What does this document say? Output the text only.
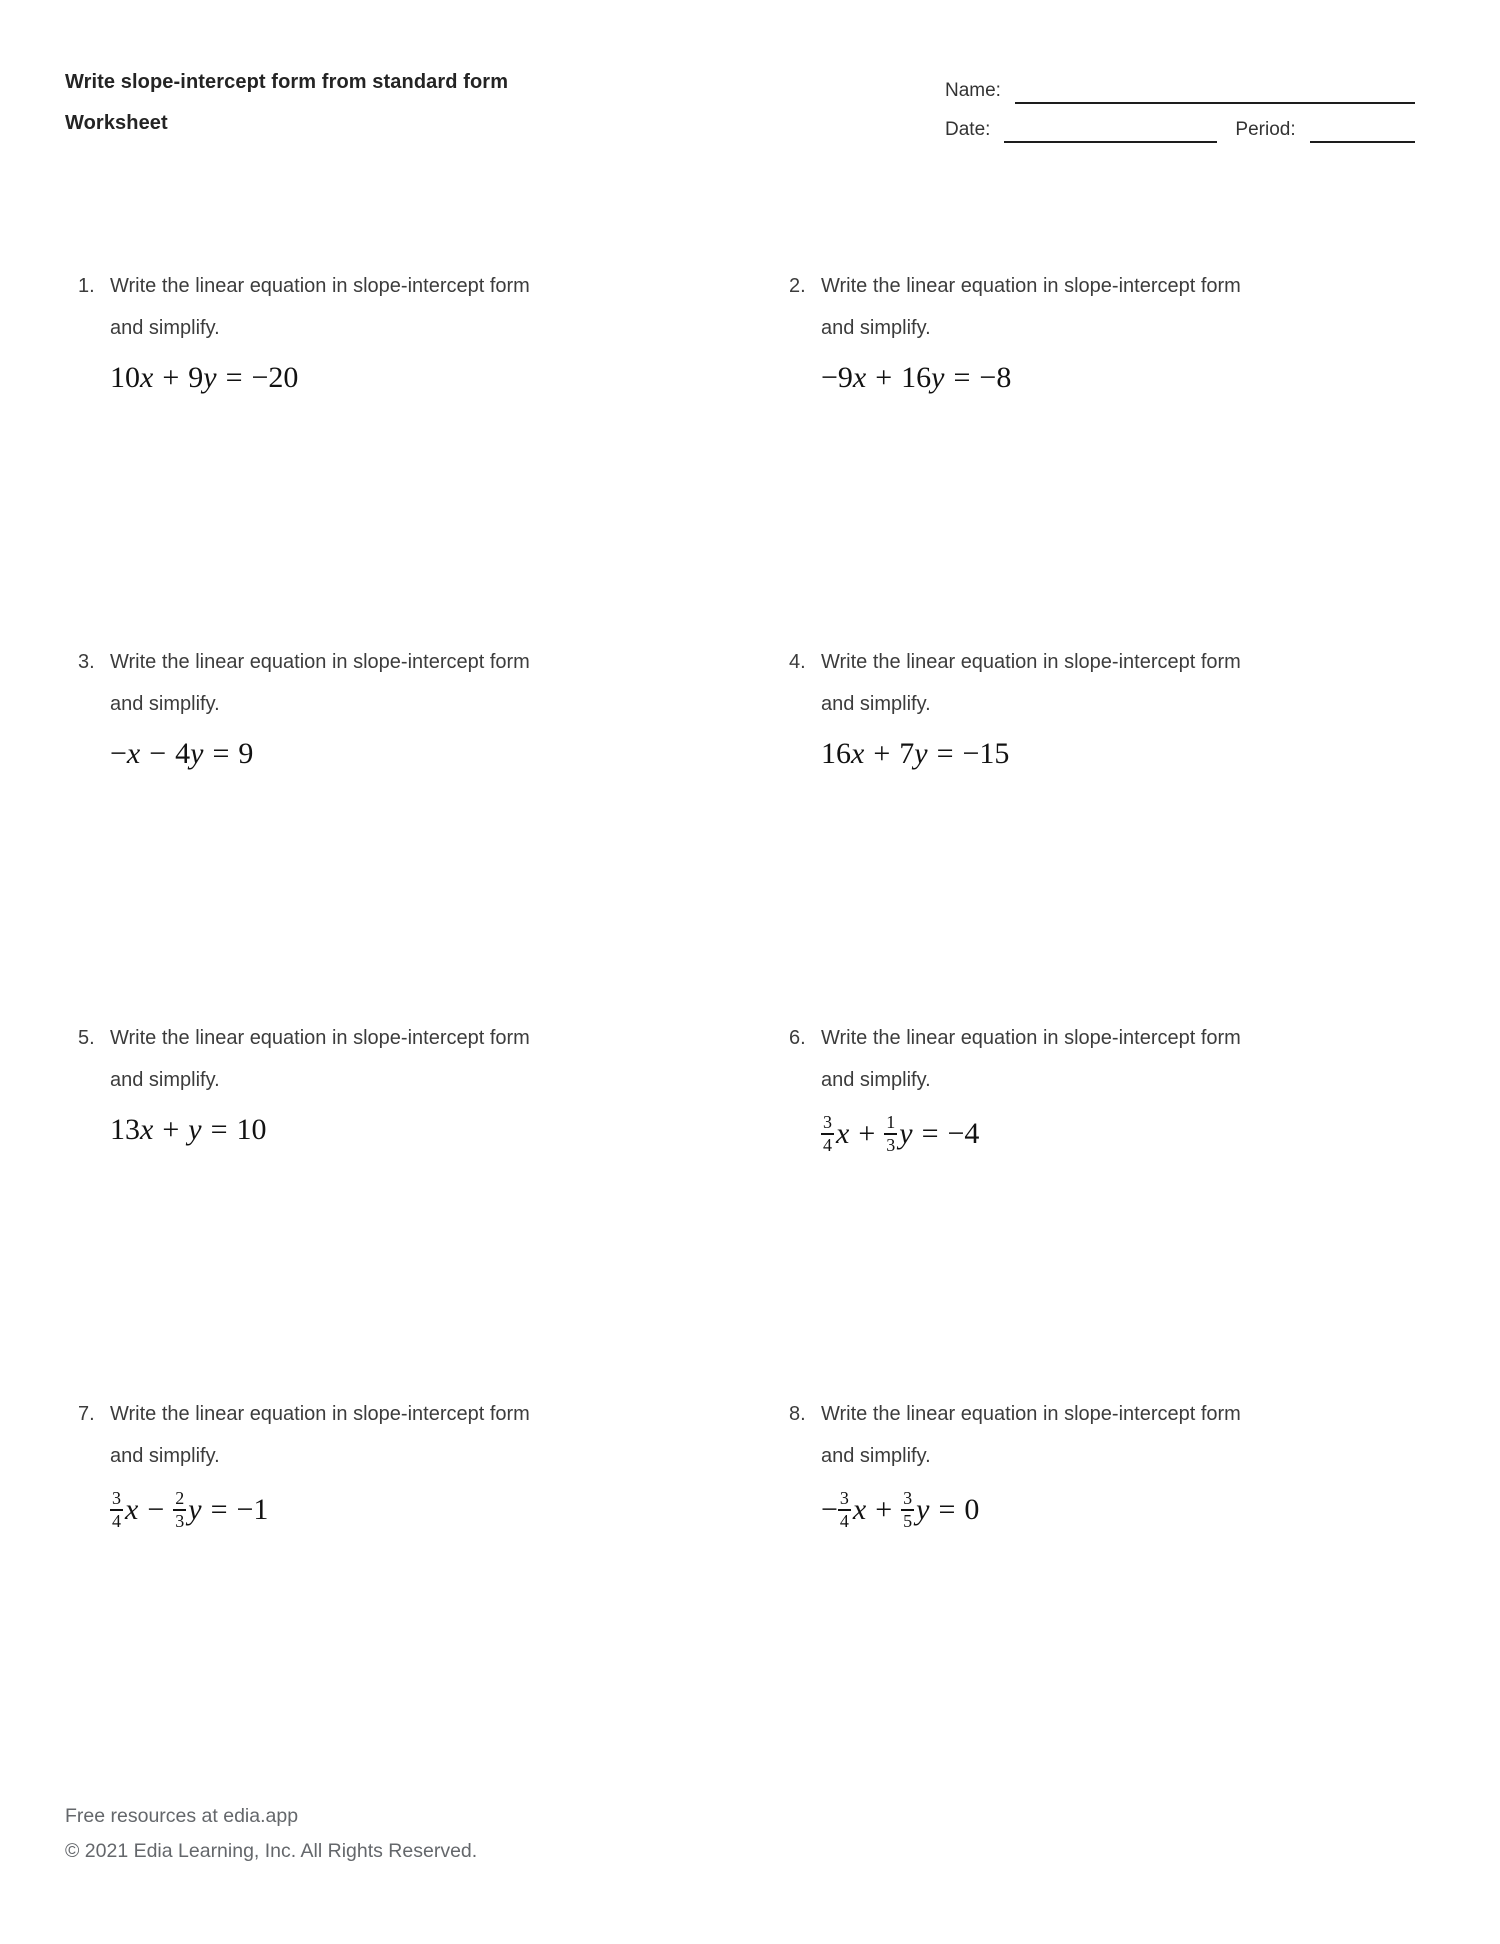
Write slope-intercept form from standard form
Worksheet
Name:
Date:	Period:
1. Write the linear equation in slope-intercept form
and simplify.
10 x + 9 y = −20
2. Write the linear equation in slope-intercept form
and simplify.
−9 x + 16 y = −8
3. Write the linear equation in slope-intercept form
and simplify.
− x − 4 y = 9
4. Write the linear equation in slope-intercept form
and simplify.
16 x + 7 y = −15
5. Write the linear equation in slope-intercept form
and simplify.
13 x + y = 10
6. Write the linear equation in slope-intercept form
and simplify.
$\frac{3}{4}$ $x + \frac{1}{3}$ y = −4
7. Write the linear equation in slope-intercept form
and simplify.
$\frac{3}{4}$ $x - \frac{2}{3}$ y = −1
8. Write the linear equation in slope-intercept form
and simplify.
− $\frac{3}{4}$ $x + \frac{3}{5}$ y = 0
Free resources at edia.app
© 2021 Edia Learning, Inc. All Rights Reserved.
